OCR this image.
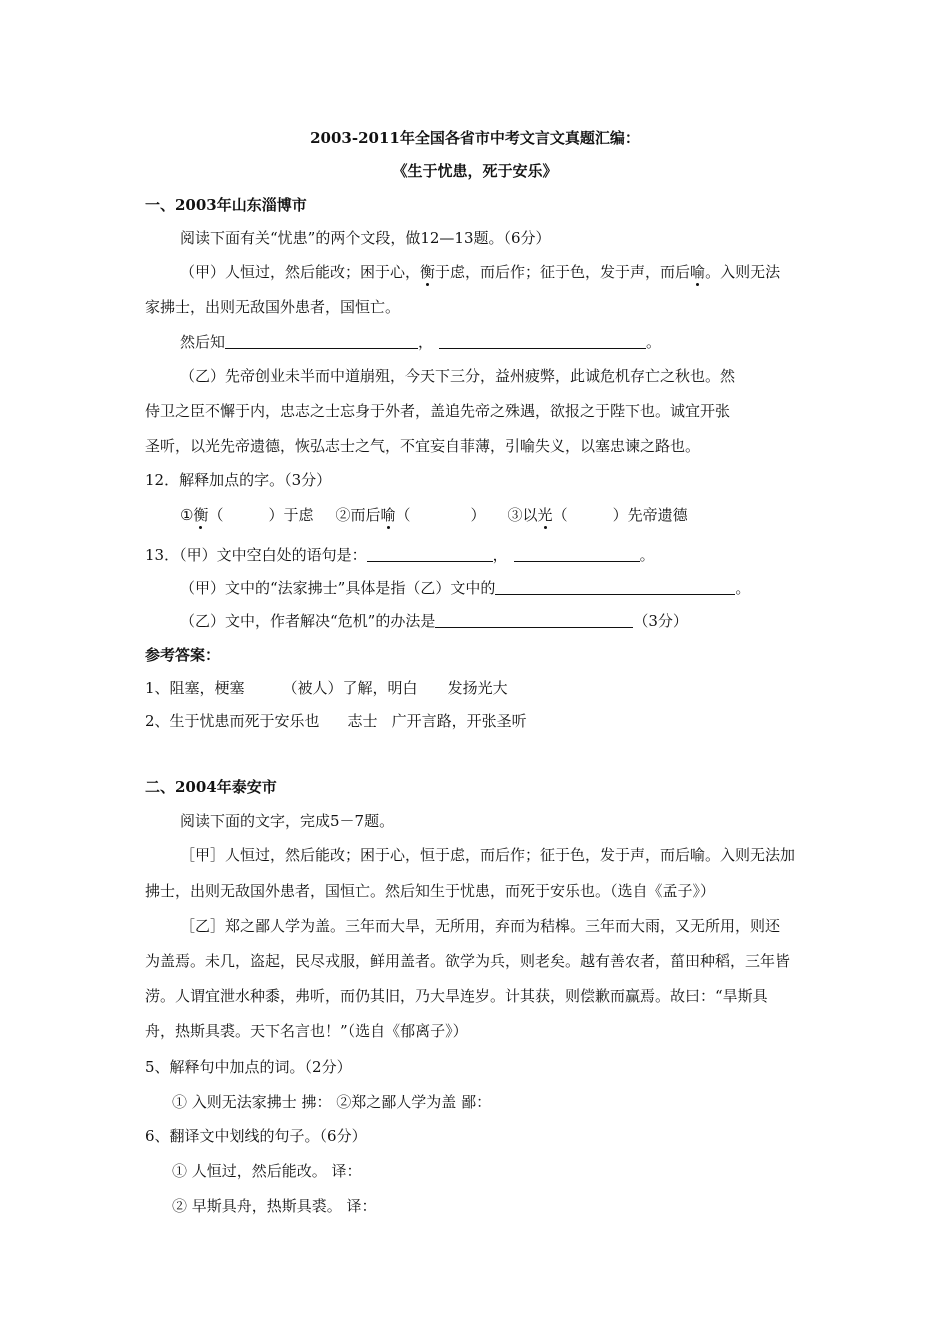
2003-2011年全国各省市中考文言文真题汇编：
《生于忧患，死于安乐》
一、2003年山东淄博市
阅读下面有关“忧患”的两个文段，做12—13题。（6分）
（甲）人恒过，然后能改；困于心，衡于虑，而后作；征于色，发于声，而后喻。入则无法
家拂士，出则无敌国外患者，国恒亡。
然后知	，	。
（乙）先帝创业未半而中道崩殂，今天下三分，益州疲弊，此诚危机存亡之秋也。然
侍卫之臣不懈于内，忠志之士忘身于外者，盖追先帝之殊遇，欲报之于陛下也。诚宜开张
圣听，以光先帝遗德，恢弘志士之气，不宜妄自菲薄，引喻失义，以塞忠谏之路也。
12．解释加点的字。（3分）
①衡（　　　）于虑 ②而后喻（　　　　） ③以光（　　　）先帝遗德
13．（甲）文中空白处的语句是：	，	。
（甲）文中的“法家拂士”具体是指（乙）文中的	。
（乙）文中，作者解决“危机”的办法是	（3分）
参考答案：
1、阻塞，梗塞	（被人）了解，明白 发扬光大
2、生于忧患而死于安乐也 志士 广开言路，开张圣听
二、2004年泰安市
阅读下面的文字，完成5－7题。
［甲］人恒过，然后能改；困于心，恒于虑，而后作；征于色，发于声，而后喻。入则无法加
拂士，出则无敌国外患者，国恒亡。然后知生于忧患，而死于安乐也。（选自《孟子》）
［乙］郑之鄙人学为盖。三年而大旱，无所用，弃而为秸槔。三年而大雨，又无所用，则还
为盖焉。未几，盗起，民尽戎服，鲜用盖者。欲学为兵，则老矣。越有善农者，菑田种稻，三年皆
涝。人谓宜泄水种黍，弗听，而仍其旧，乃大旱连岁。计其获，则偿歉而赢焉。故曰：“旱斯具
舟，热斯具裘。天下名言也！”（选自《郁离子》）
5、解释句中加点的词。（2分）
① 入则无法家拂士 拂： ②郑之鄙人学为盖 鄙：
6、翻译文中划线的句子。（6分）
① 人恒过，然后能改。 译：
② 早斯具舟，热斯具裘。 译：
